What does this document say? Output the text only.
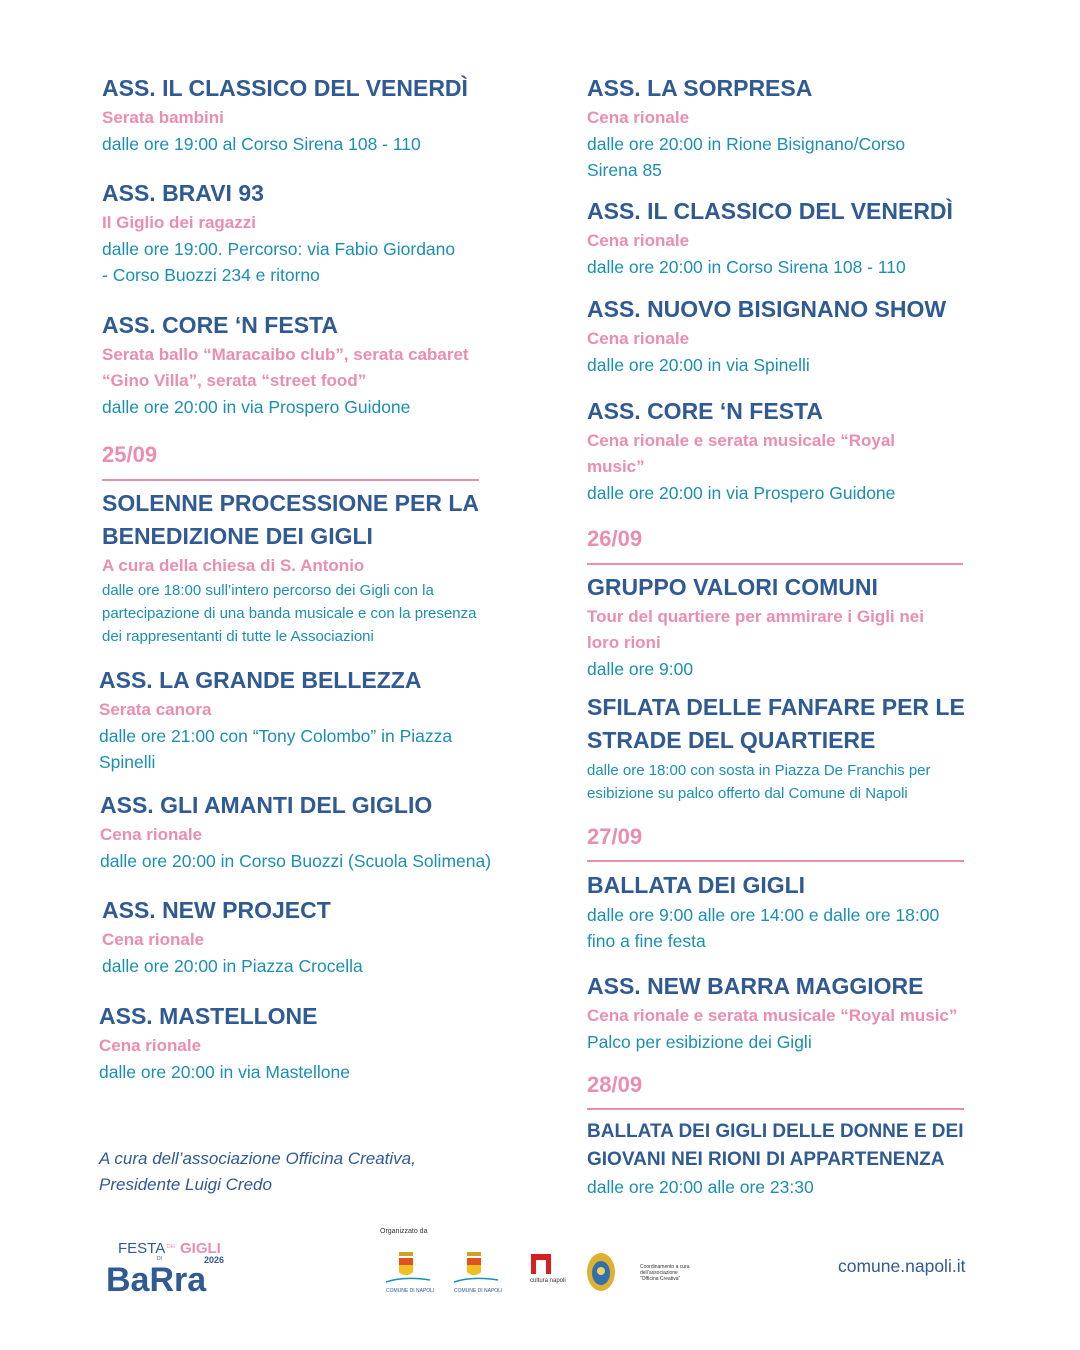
ASS. IL CLASSICO DEL VENERDÌ
Serata bambini
dalle ore 19:00 al Corso Sirena 108 - 110
ASS. BRAVI 93
Il Giglio dei ragazzi
dalle ore 19:00. Percorso: via Fabio Giordano
- Corso Buozzi 234 e ritorno
ASS. CORE ‘N FESTA
Serata ballo “Maracaibo club”, serata cabaret
“Gino Villa”, serata “street food”
dalle ore 20:00 in via Prospero Guidone
25/09
SOLENNE PROCESSIONE PER LA
BENEDIZIONE DEI GIGLI
A cura della chiesa di S. Antonio
dalle ore 18:00 sull’intero percorso dei Gigli con la
partecipazione di una banda musicale e con la presenza
dei rappresentanti di tutte le Associazioni
ASS. LA GRANDE BELLEZZA
Serata canora
dalle ore 21:00 con “Tony Colombo” in Piazza
Spinelli
ASS. GLI AMANTI DEL GIGLIO
Cena rionale
dalle ore 20:00 in Corso Buozzi (Scuola Solimena)
ASS. NEW PROJECT
Cena rionale
dalle ore 20:00 in Piazza Crocella
ASS. MASTELLONE
Cena rionale
dalle ore 20:00 in via Mastellone
A cura dell’associazione Officina Creativa,
Presidente Luigi Credo
ASS. LA SORPRESA
Cena rionale
dalle ore 20:00 in Rione Bisignano/Corso
Sirena 85
ASS. IL CLASSICO DEL VENERDÌ
Cena rionale
dalle ore 20:00 in Corso Sirena 108 - 110
ASS. NUOVO BISIGNANO SHOW
Cena rionale
dalle ore 20:00 in via Spinelli
ASS. CORE ‘N FESTA
Cena rionale e serata musicale “Royal
music”
dalle ore 20:00 in via Prospero Guidone
26/09
GRUPPO VALORI COMUNI
Tour del quartiere per ammirare i Gigli nei
loro rioni
dalle ore 9:00
SFILATA DELLE FANFARE PER LE
STRADE DEL QUARTIERE
dalle ore 18:00 con sosta in Piazza De Franchis per
esibizione su palco offerto dal Comune di Napoli
27/09
BALLATA DEI GIGLI
dalle ore 9:00 alle ore 14:00 e dalle ore 18:00
fino a fine festa
ASS. NEW BARRA MAGGIORE
Cena rionale e serata musicale “Royal music”
Palco per esibizione dei Gigli
28/09
BALLATA DEI GIGLI DELLE DONNE E DEI
GIOVANI NEI RIONI DI APPARTENENZA
dalle ore 20:00 alle ore 23:30
FESTA DEI GIGLI
DI	2026
BaRra
Organizzato da
COMUNE DI NAPOLI	COMUNE DI NAPOLI
cultura napoli
Coordinamento a cura dell’associazione “Officina Creativa”
comune.napoli.it
